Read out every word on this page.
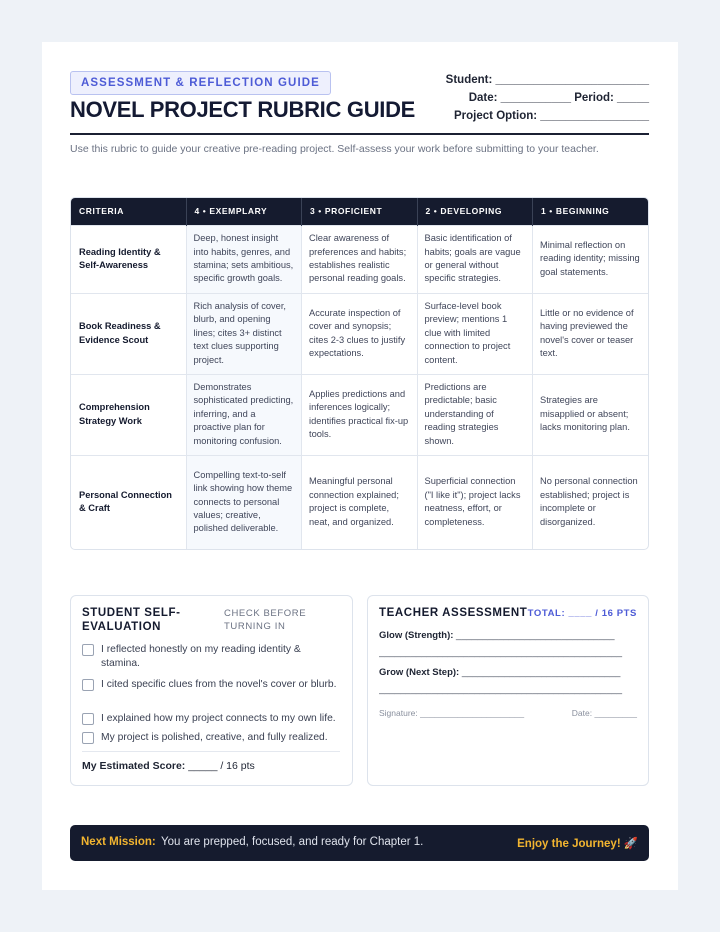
ASSESSMENT & REFLECTION GUIDE
NOVEL PROJECT RUBRIC GUIDE
Student: ________________________
Date: ___________ Period: _____
Project Option: _________________
Use this rubric to guide your creative pre-reading project. Self-assess your work before submitting to your teacher.
CRITERIA	4 • EXEMPLARY	3 • PROFICIENT	2 • DEVELOPING	1 • BEGINNING
Reading Identity & Self-Awareness	Deep, honest insight into habits, genres, and stamina; sets ambitious, specific growth goals.	Clear awareness of preferences and habits; establishes realistic personal reading goals.	Basic identification of habits; goals are vague or general without specific strategies.	Minimal reflection on reading identity; missing goal statements.
Book Readiness & Evidence Scout	Rich analysis of cover, blurb, and opening lines; cites 3+ distinct text clues supporting project.	Accurate inspection of cover and synopsis; cites 2-3 clues to justify expectations.	Surface-level book preview; mentions 1 clue with limited connection to project content.	Little or no evidence of having previewed the novel's cover or teaser text.
Comprehension Strategy Work	Demonstrates sophisticated predicting, inferring, and a proactive plan for monitoring confusion.	Applies predictions and inferences logically; identifies practical fix-up tools.	Predictions are predictable; basic understanding of reading strategies shown.	Strategies are misapplied or absent; lacks monitoring plan.
Personal Connection & Craft	Compelling text-to-self link showing how theme connects to personal values; creative, polished deliverable.	Meaningful personal connection explained; project is complete, neat, and organized.	Superficial connection ("I like it"); project lacks neatness, effort, or completeness.	No personal connection established; project is incomplete or disorganized.
STUDENT SELF-EVALUATION
CHECK BEFORE TURNING IN
I reflected honestly on my reading identity & stamina.
I cited specific clues from the novel's cover or blurb.
I explained how my project connects to my own life.
My project is polished, creative, and fully realized.
My Estimated Score: _____ / 16 pts
TEACHER ASSESSMENT TOTAL: ____ / 16 PTS
Glow (Strength): ______________________________
______________________________________________
Grow (Next Step): ______________________________
______________________________________________
Signature: ______________________	Date: _________
Next Mission: You are prepped, focused, and ready for Chapter 1.	Enjoy the Journey! 🚀
